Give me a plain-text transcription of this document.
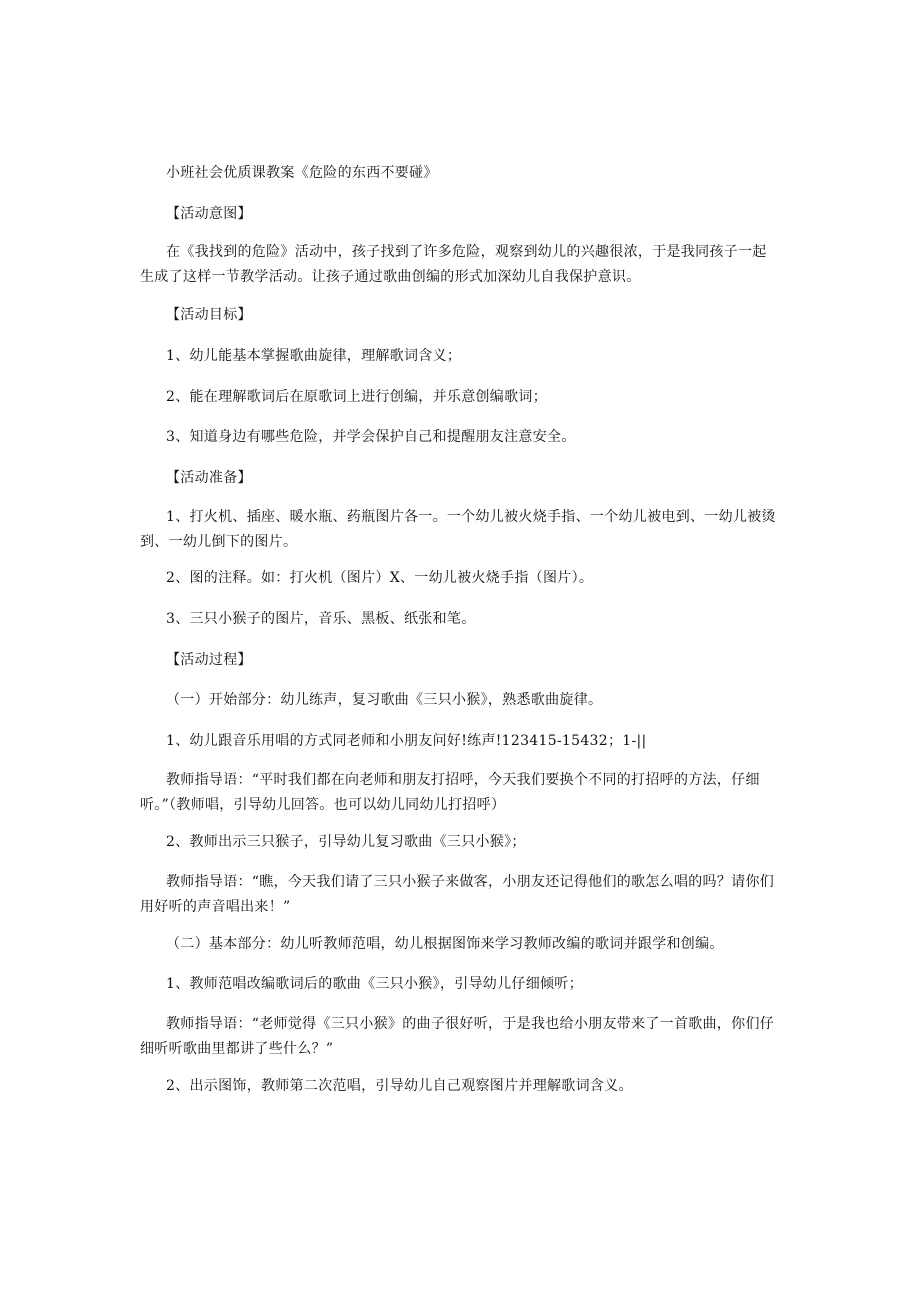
小班社会优质课教案《危险的东西不要碰》
【活动意图】
在《我找到的危险》活动中，孩子找到了许多危险，观察到幼儿的兴趣很浓，于是我同孩子一起生成了这样一节教学活动。让孩子通过歌曲创编的形式加深幼儿自我保护意识。
【活动目标】
1、幼儿能基本掌握歌曲旋律，理解歌词含义；
2、能在理解歌词后在原歌词上进行创编，并乐意创编歌词；
3、知道身边有哪些危险，并学会保护自己和提醒朋友注意安全。
【活动准备】
1、打火机、插座、暖水瓶、药瓶图片各一。一个幼儿被火烧手指、一个幼儿被电到、一幼儿被烫到、一幼儿倒下的图片。
2、图的注释。如：打火机（图片）X、一幼儿被火烧手指（图片）。
3、三只小猴子的图片，音乐、黑板、纸张和笔。
【活动过程】
（一）开始部分：幼儿练声，复习歌曲《三只小猴》，熟悉歌曲旋律。
1、幼儿跟音乐用唱的方式同老师和小朋友问好!练声!123415-15432；1-||
教师指导语：“平时我们都在向老师和朋友打招呼，今天我们要换个不同的打招呼的方法，仔细听。”（教师唱，引导幼儿回答。也可以幼儿同幼儿打招呼）
2、教师出示三只猴子，引导幼儿复习歌曲《三只小猴》；
教师指导语：“瞧，今天我们请了三只小猴子来做客，小朋友还记得他们的歌怎么唱的吗？请你们用好听的声音唱出来！”
（二）基本部分：幼儿听教师范唱，幼儿根据图饰来学习教师改编的歌词并跟学和创编。
1、教师范唱改编歌词后的歌曲《三只小猴》，引导幼儿仔细倾听；
教师指导语：“老师觉得《三只小猴》的曲子很好听，于是我也给小朋友带来了一首歌曲，你们仔细听听歌曲里都讲了些什么？”
2、出示图饰，教师第二次范唱，引导幼儿自己观察图片并理解歌词含义。
